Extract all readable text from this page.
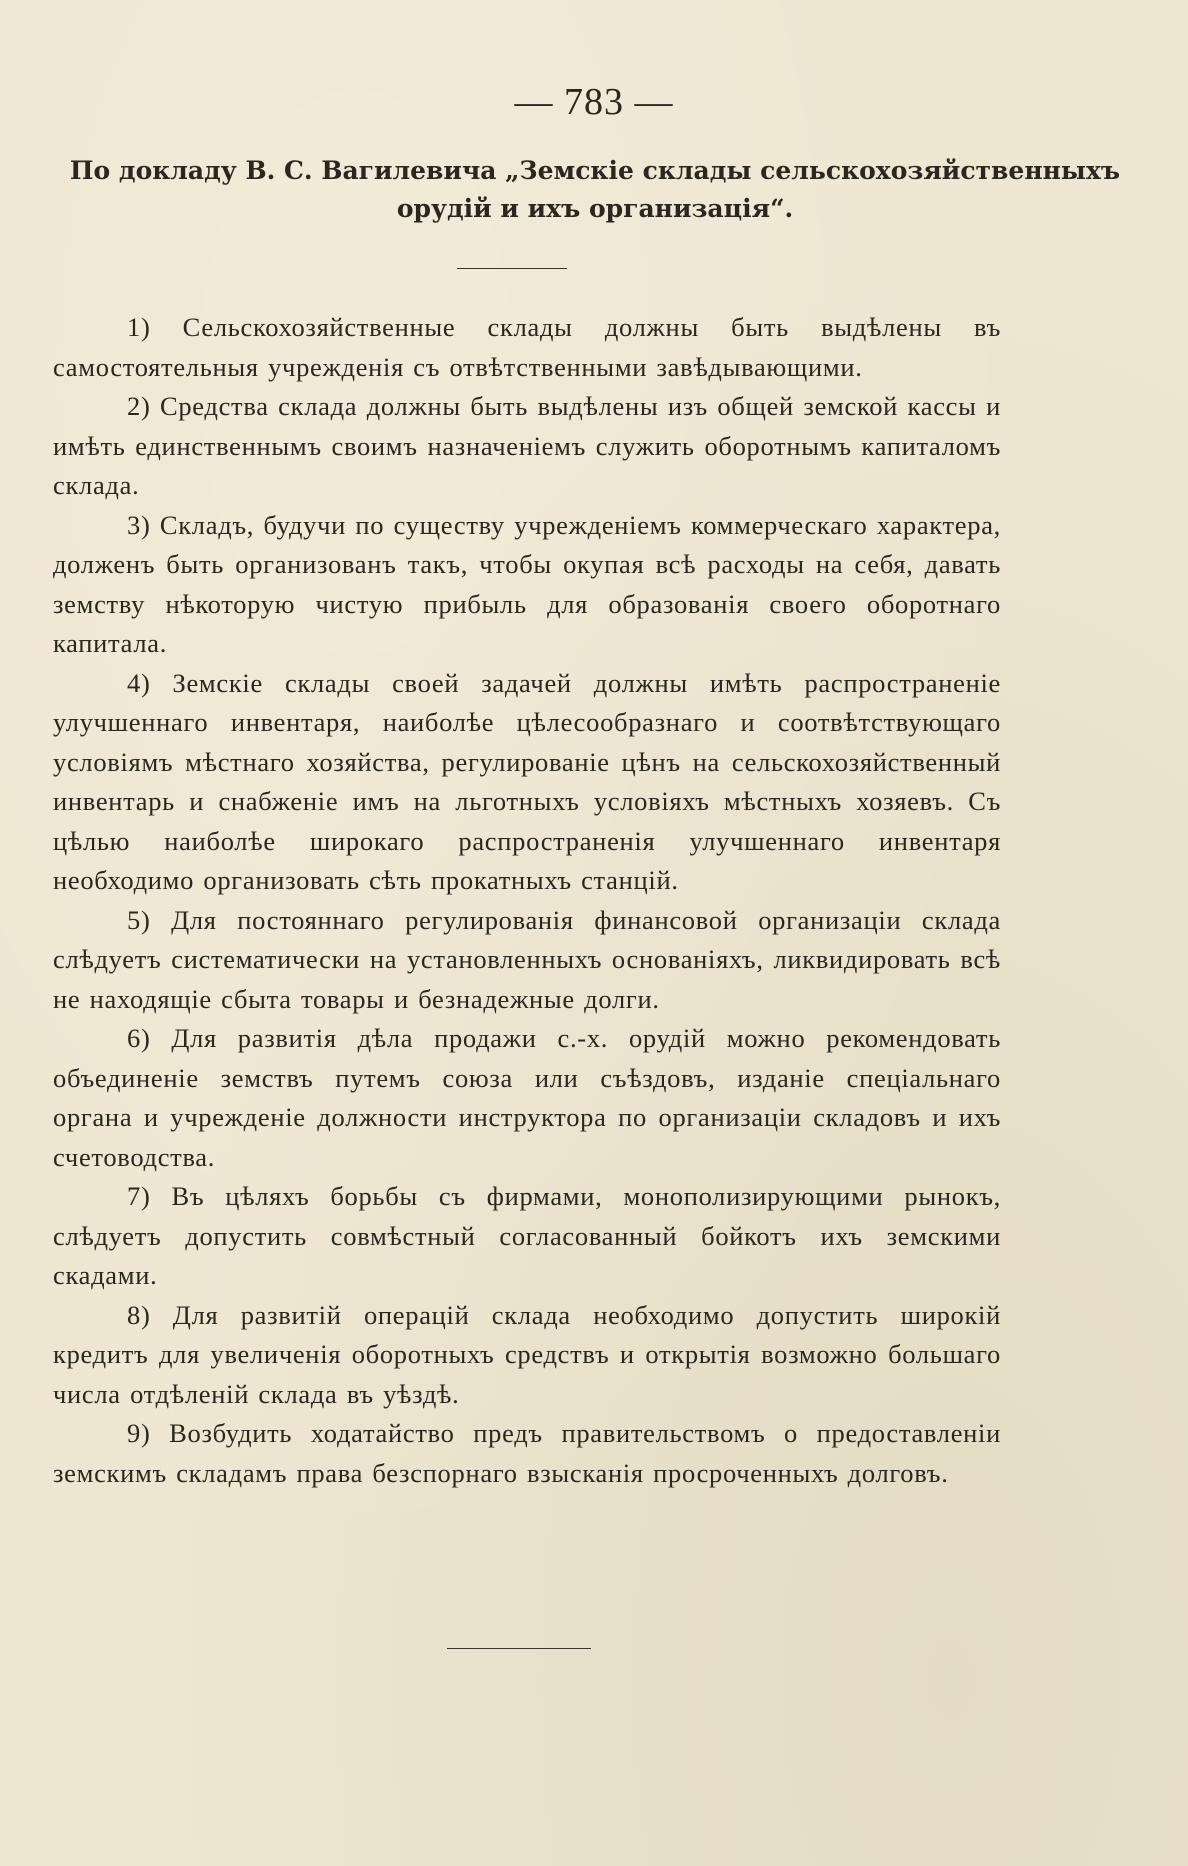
— 783 —
По докладу В. С. Вагилевича „Земскіе склады сельскохозяйственныхъ орудій и ихъ организація“.

1) Сельскохозяйственные склады должны быть выдѣлены въ самостоятельныя учрежденія съ отвѣтственными завѣдывающими.

2) Средства склада должны быть выдѣлены изъ общей земской кассы и имѣть единственнымъ своимъ назначеніемъ служить оборотнымъ капиталомъ склада.

3) Складъ, будучи по существу учрежденіемъ коммерческаго характера, долженъ быть организованъ такъ, чтобы окупая всѣ расходы на себя, давать земству нѣкоторую чистую прибыль для образованія своего оборотнаго капитала.

4) Земскіе склады своей задачей должны имѣть распространеніе улучшеннаго инвентаря, наиболѣе цѣлесообразнаго и соотвѣтствующаго условіямъ мѣстнаго хозяйства, регулированіе цѣнъ на сельскохозяйственный инвентарь и снабженіе имъ на льготныхъ условіяхъ мѣстныхъ хозяевъ. Съ цѣлью наиболѣе широкаго распространенія улучшеннаго инвентаря необходимо организовать сѣть прокатныхъ станцій.

5) Для постояннаго регулированія финансовой организаціи склада слѣдуетъ систематически на установленныхъ основаніяхъ, ликвидировать всѣ не находящіе сбыта товары и безнадежные долги.

6) Для развитія дѣла продажи с.-х. орудій можно рекомендовать объединеніе земствъ путемъ союза или съѣздовъ, изданіе спеціальнаго органа и учрежденіе должности инструктора по организаціи складовъ и ихъ счетоводства.

7) Въ цѣляхъ борьбы съ фирмами, монополизирующими рынокъ, слѣдуетъ допустить совмѣстный согласованный бойкотъ ихъ земскими скадами.

8) Для развитій операцій склада необходимо допустить широкій кредитъ для увеличенія оборотныхъ средствъ и открытія возможно большаго числа отдѣленій склада въ уѣздѣ.

9) Возбудить ходатайство предъ правительствомъ о предоставленіи земскимъ складамъ права безспорнаго взысканія просроченныхъ долговъ.
